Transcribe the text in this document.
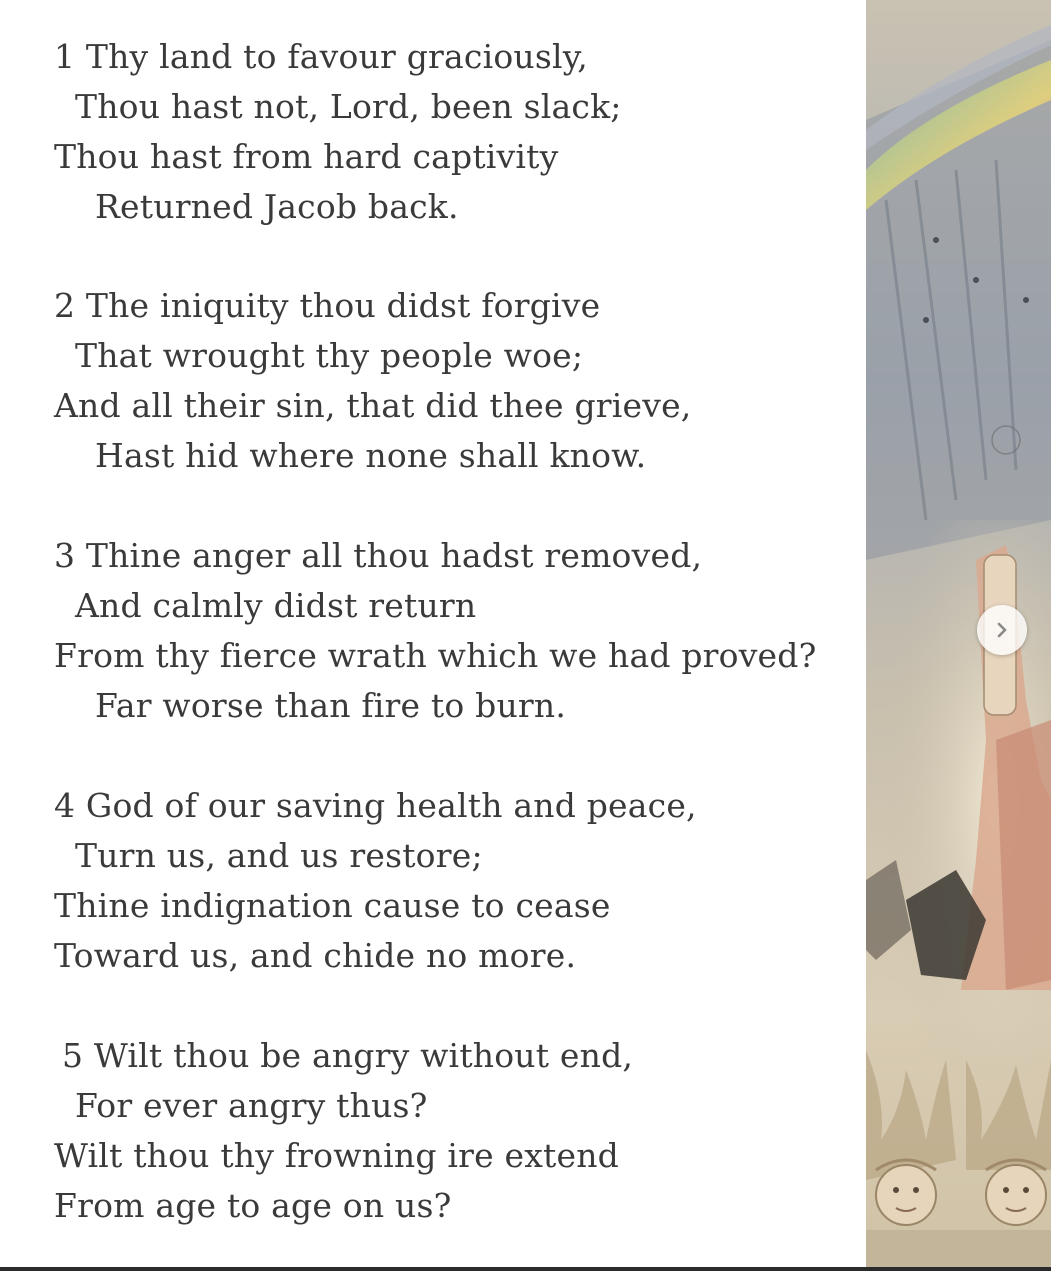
1 Thy land to favour graciously,
Thou hast not, Lord, been slack;
Thou hast from hard captivity
Returned Jacob back.
2 The iniquity thou didst forgive
That wrought thy people woe;
And all their sin, that did thee grieve,
Hast hid where none shall know.
3 Thine anger all thou hadst removed,
And calmly didst return
From thy fierce wrath which we had proved?
Far worse than fire to burn.
4 God of our saving health and peace,
Turn us, and us restore;
Thine indignation cause to cease
Toward us, and chide no more.
5 Wilt thou be angry without end,
For ever angry thus?
Wilt thou thy frowning ire extend
From age to age on us?
